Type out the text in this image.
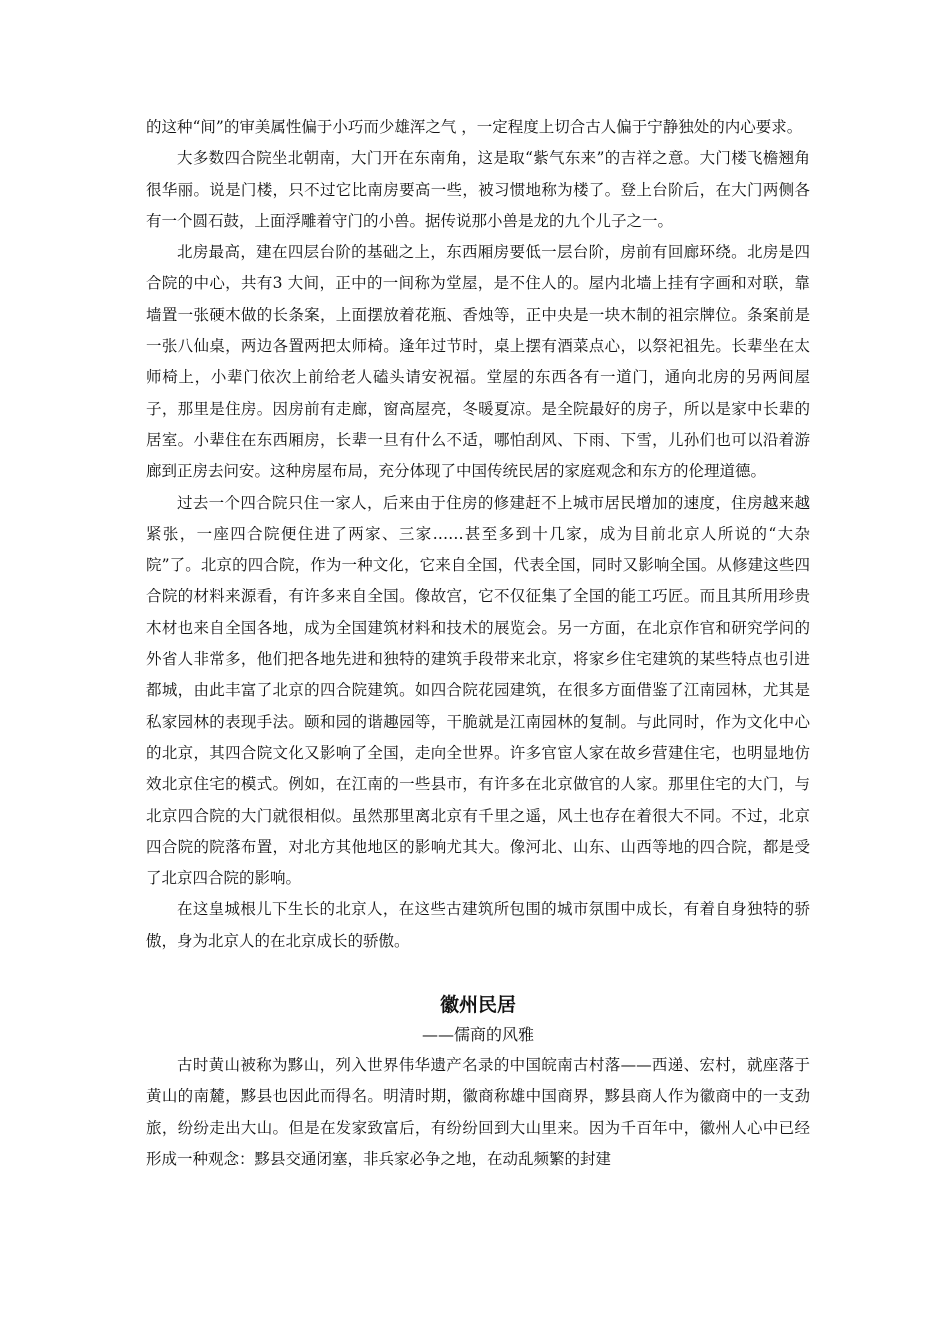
的这种“间”的审美属性偏于小巧而少雄浑之气 ，一定程度上切合古人偏于宁静独处的内心要求。

大多数四合院坐北朝南，大门开在东南角，这是取“紫气东来”的吉祥之意。大门楼飞檐翘角很华丽。说是门楼，只不过它比南房要高一些，被习惯地称为楼了。登上台阶后，在大门两侧各有一个圆石鼓，上面浮雕着守门的小兽。据传说那小兽是龙的九个儿子之一。

北房最高，建在四层台阶的基础之上，东西厢房要低一层台阶，房前有回廊环绕。北房是四合院的中心，共有3 大间，正中的一间称为堂屋，是不住人的。屋内北墙上挂有字画和对联，靠墙置一张硬木做的长条案，上面摆放着花瓶、香烛等，正中央是一块木制的祖宗牌位。条案前是一张八仙桌，两边各置两把太师椅。逢年过节时，桌上摆有酒菜点心，以祭祀祖先。长辈坐在太师椅上，小辈门依次上前给老人磕头请安祝福。堂屋的东西各有一道门，通向北房的另两间屋子，那里是住房。因房前有走廊，窗高屋亮，冬暖夏凉。是全院最好的房子，所以是家中长辈的居室。小辈住在东西厢房，长辈一旦有什么不适，哪怕刮风、下雨、下雪，儿孙们也可以沿着游廊到正房去问安。这种房屋布局，充分体现了中国传统民居的家庭观念和东方的伦理道德。

过去一个四合院只住一家人，后来由于住房的修建赶不上城市居民增加的速度，住房越来越紧张，一座四合院便住进了两家、三家……甚至多到十几家，成为目前北京人所说的“大杂院”了。北京的四合院，作为一种文化，它来自全国，代表全国，同时又影响全国。从修建这些四合院的材料来源看，有许多来自全国。像故宫，它不仅征集了全国的能工巧匠。而且其所用珍贵木材也来自全国各地，成为全国建筑材料和技术的展览会。另一方面，在北京作官和研究学问的外省人非常多，他们把各地先进和独特的建筑手段带来北京，将家乡住宅建筑的某些特点也引进都城，由此丰富了北京的四合院建筑。如四合院花园建筑，在很多方面借鉴了江南园林，尤其是私家园林的表现手法。颐和园的谐趣园等，干脆就是江南园林的复制。与此同时，作为文化中心的北京，其四合院文化又影响了全国，走向全世界。许多官宦人家在故乡营建住宅，也明显地仿效北京住宅的模式。例如，在江南的一些县市，有许多在北京做官的人家。那里住宅的大门，与北京四合院的大门就很相似。虽然那里离北京有千里之遥，风土也存在着很大不同。不过，北京四合院的院落布置，对北方其他地区的影响尤其大。像河北、山东、山西等地的四合院，都是受了北京四合院的影响。

在这皇城根儿下生长的北京人，在这些古建筑所包围的城市氛围中成长，有着自身独特的骄傲，身为北京人的在北京成长的骄傲。

徽州民居

——儒商的风雅

古时黄山被称为黟山，列入世界伟华遗产名录的中国皖南古村落——西递、宏村，就座落于黄山的南麓，黟县也因此而得名。明清时期，徽商称雄中国商界，黟县商人作为徽商中的一支劲旅，纷纷走出大山。但是在发家致富后，有纷纷回到大山里来。因为千百年中，徽州人心中已经形成一种观念：黟县交通闭塞，非兵家必争之地，在动乱频繁的封建
